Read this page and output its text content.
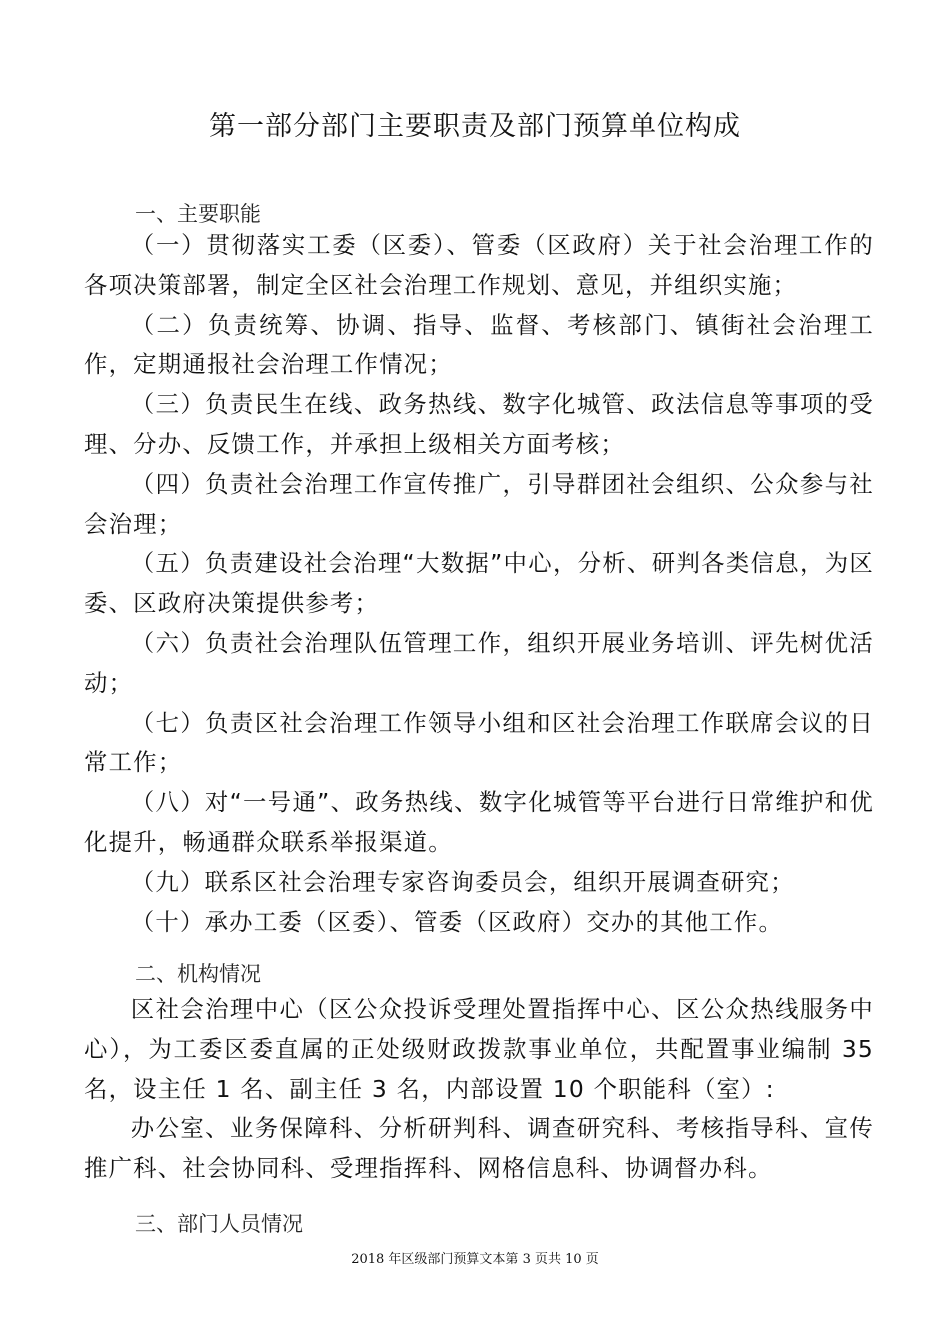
第一部分部门主要职责及部门预算单位构成
一、主要职能

（一）贯彻落实工委（区委）、管委（区政府）关于社会治理工作的各项决策部署，制定全区社会治理工作规划、意见，并组织实施；

（二）负责统筹、协调、指导、监督、考核部门、镇街社会治理工作，定期通报社会治理工作情况；

（三）负责民生在线、政务热线、数字化城管、政法信息等事项的受理、分办、反馈工作，并承担上级相关方面考核；

（四）负责社会治理工作宣传推广，引导群团社会组织、公众参与社会治理；

（五）负责建设社会治理“大数据”中心，分析、研判各类信息，为区委、区政府决策提供参考；

（六）负责社会治理队伍管理工作，组织开展业务培训、评先树优活动；

（七）负责区社会治理工作领导小组和区社会治理工作联席会议的日常工作；

（八）对“一号通”、政务热线、数字化城管等平台进行日常维护和优化提升，畅通群众联系举报渠道。

（九）联系区社会治理专家咨询委员会，组织开展调查研究；

（十）承办工委（区委）、管委（区政府）交办的其他工作。

二、机构情况

区社会治理中心（区公众投诉受理处置指挥中心、区公众热线服务中心），为工委区委直属的正处级财政拨款事业单位，共配置事业编制 35 名，设主任 1 名、副主任 3 名，内部设置 10 个职能科（室）:

办公室、业务保障科、分析研判科、调查研究科、考核指导科、宣传推广科、社会协同科、受理指挥科、网格信息科、协调督办科。

三、部门人员情况
2018 年区级部门预算文本第 3 页共 10 页
